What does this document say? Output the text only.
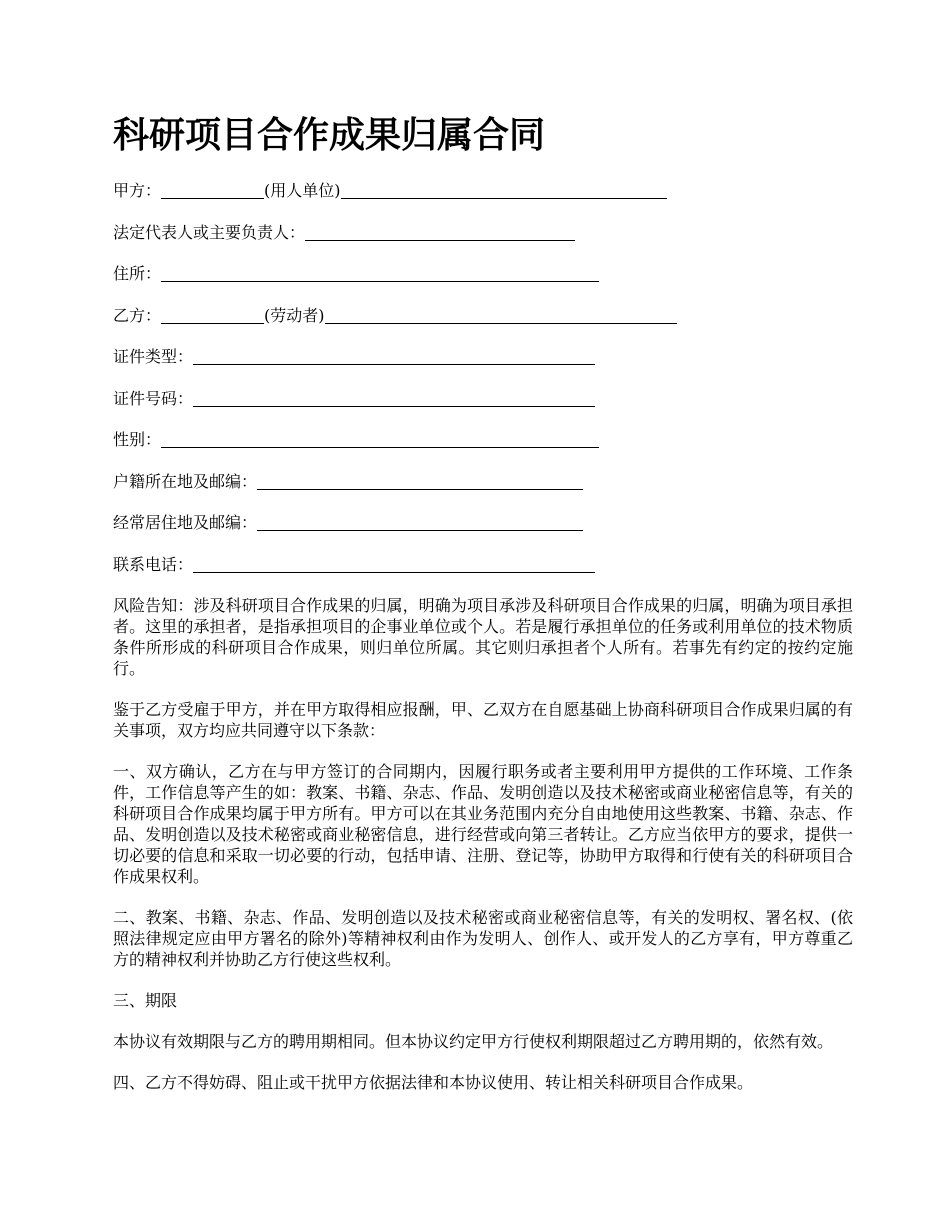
科研项目合作成果归属合同
甲方：	(用人单位)
法定代表人或主要负责人：
住所：
乙方：	(劳动者)
证件类型：
证件号码：
性别：
户籍所在地及邮编：
经常居住地及邮编：
联系电话：

风险告知：涉及科研项目合作成果的归属，明确为项目承涉及科研项目合作成果的归属，明确为项目承担者。这里的承担者，是指承担项目的企事业单位或个人。若是履行承担单位的任务或利用单位的技术物质条件所形成的科研项目合作成果，则归单位所属。其它则归承担者个人所有。若事先有约定的按约定施行。

鉴于乙方受雇于甲方，并在甲方取得相应报酬，甲、乙双方在自愿基础上协商科研项目合作成果归属的有关事项，双方均应共同遵守以下条款：

一、双方确认，乙方在与甲方签订的合同期内，因履行职务或者主要利用甲方提供的工作环境、工作条件，工作信息等产生的如：教案、书籍、杂志、作品、发明创造以及技术秘密或商业秘密信息等，有关的科研项目合作成果均属于甲方所有。甲方可以在其业务范围内充分自由地使用这些教案、书籍、杂志、作品、发明创造以及技术秘密或商业秘密信息，进行经营或向第三者转让。乙方应当依甲方的要求，提供一切必要的信息和采取一切必要的行动，包括申请、注册、登记等，协助甲方取得和行使有关的科研项目合作成果权利。

二、教案、书籍、杂志、作品、发明创造以及技术秘密或商业秘密信息等，有关的发明权、署名权、(依照法律规定应由甲方署名的除外)等精神权利由作为发明人、创作人、或开发人的乙方享有，甲方尊重乙方的精神权利并协助乙方行使这些权利。

三、期限

本协议有效期限与乙方的聘用期相同。但本协议约定甲方行使权利期限超过乙方聘用期的，依然有效。

四、乙方不得妨碍、阻止或干扰甲方依据法律和本协议使用、转让相关科研项目合作成果。
